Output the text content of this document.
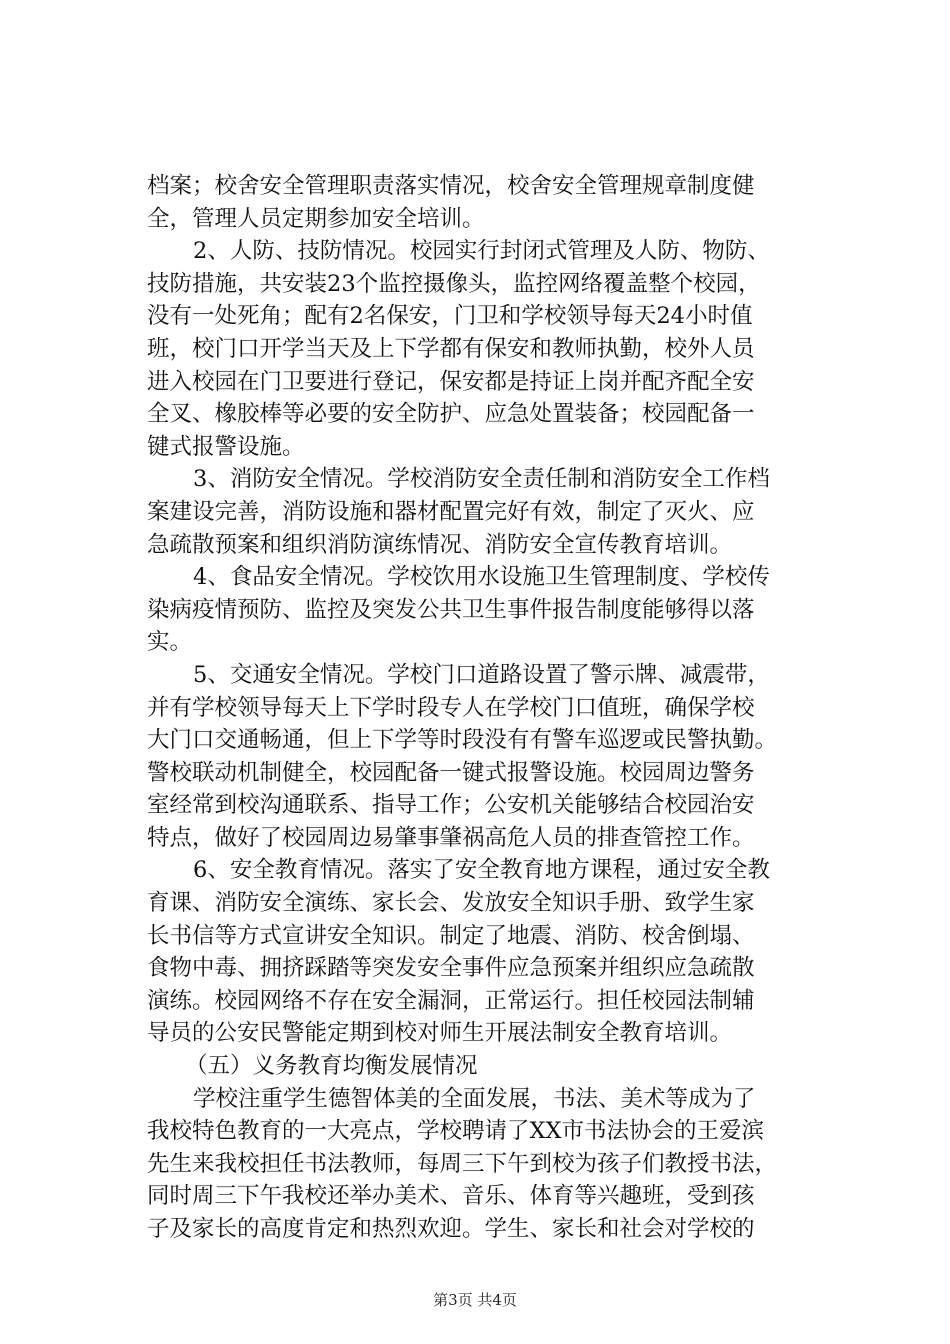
档案；校舍安全管理职责落实情况，校舍安全管理规章制度健
全，管理人员定期参加安全培训。
2、人防、技防情况。校园实行封闭式管理及人防、物防、
技防措施，共安装23个监控摄像头，监控网络覆盖整个校园，
没有一处死角；配有2名保安，门卫和学校领导每天24小时值
班，校门口开学当天及上下学都有保安和教师执勤，校外人员
进入校园在门卫要进行登记，保安都是持证上岗并配齐配全安
全叉、橡胶棒等必要的安全防护、应急处置装备；校园配备一
键式报警设施。
3、消防安全情况。学校消防安全责任制和消防安全工作档
案建设完善，消防设施和器材配置完好有效，制定了灭火、应
急疏散预案和组织消防演练情况、消防安全宣传教育培训。
4、食品安全情况。学校饮用水设施卫生管理制度、学校传
染病疫情预防、监控及突发公共卫生事件报告制度能够得以落
实。
5、交通安全情况。学校门口道路设置了警示牌、减震带，
并有学校领导每天上下学时段专人在学校门口值班，确保学校
大门口交通畅通，但上下学等时段没有有警车巡逻或民警执勤。
警校联动机制健全，校园配备一键式报警设施。校园周边警务
室经常到校沟通联系、指导工作；公安机关能够结合校园治安
特点，做好了校园周边易肇事肇祸高危人员的排查管控工作。
6、安全教育情况。落实了安全教育地方课程，通过安全教
育课、消防安全演练、家长会、发放安全知识手册、致学生家
长书信等方式宣讲安全知识。制定了地震、消防、校舍倒塌、
食物中毒、拥挤踩踏等突发安全事件应急预案并组织应急疏散
演练。校园网络不存在安全漏洞，正常运行。担任校园法制辅
导员的公安民警能定期到校对师生开展法制安全教育培训。
（五）义务教育均衡发展情况
学校注重学生德智体美的全面发展，书法、美术等成为了
我校特色教育的一大亮点，学校聘请了XX市书法协会的王爱滨
先生来我校担任书法教师，每周三下午到校为孩子们教授书法，
同时周三下午我校还举办美术、音乐、体育等兴趣班，受到孩
子及家长的高度肯定和热烈欢迎。学生、家长和社会对学校的
第3页 共4页
